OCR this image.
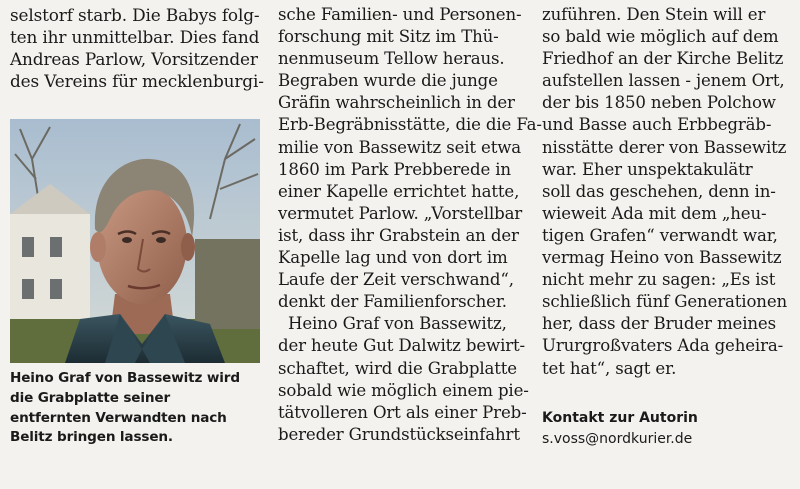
selstorf starb. Die Babys folg-
ten ihr unmittelbar. Dies fand
Andreas Parlow, Vorsitzender
des Vereins für mecklenburgi-
Heino Graf von Bassewitz wird
die Grabplatte seiner
entfernten Verwandten nach
Belitz bringen lassen.
sche Familien- und Personen-
forschung mit Sitz im Thü-
nenmuseum Tellow heraus.
Begraben wurde die junge
Gräfin wahrscheinlich in der
Erb-Begräbnisstätte, die die Fa-
milie von Bassewitz seit etwa
1860 im Park Prebberede in
einer Kapelle errichtet hatte,
vermutet Parlow. „Vorstellbar
ist, dass ihr Grabstein an der
Kapelle lag und von dort im
Laufe der Zeit verschwand“,
denkt der Familienforscher.
Heino Graf von Bassewitz,
der heute Gut Dalwitz bewirt-
schaftet, wird die Grabplatte
sobald wie möglich einem pie-
tätvolleren Ort als einer Preb-
bereder Grundstückseinfahrt
zuführen. Den Stein will er
so bald wie möglich auf dem
Friedhof an der Kirche Belitz
aufstellen lassen - jenem Ort,
der bis 1850 neben Polchow
und Basse auch Erbbegräb-
nisstätte derer von Bassewitz
war. Eher unspektakulätr
soll das geschehen, denn in-
wieweit Ada mit dem „heu-
tigen Grafen“ verwandt war,
vermag Heino von Bassewitz
nicht mehr zu sagen: „Es ist
schließlich fünf Generationen
her, dass der Bruder meines
Ururgroßvaters Ada geheira-
tet hat“, sagt er.
Kontakt zur Autorin
s.voss@nordkurier.de
